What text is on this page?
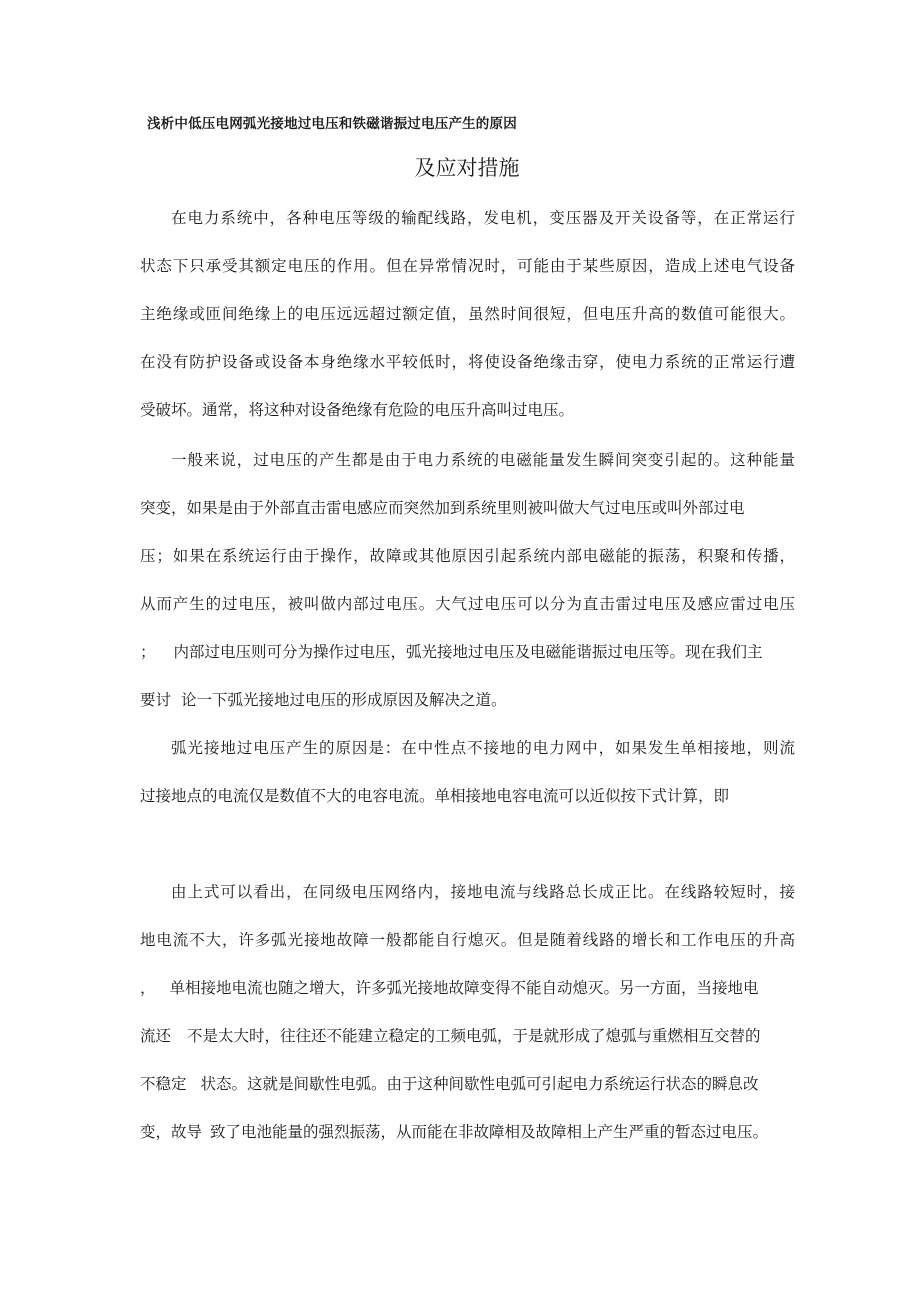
浅析中低压电网弧光接地过电压和铁磁谐振过电压产生的原因
及应对措施
在电力系统中，各种电压等级的输配线路，发电机，变压器及开关设备等，在正常运行
状态下只承受其额定电压的作用。但在异常情况时，可能由于某些原因，造成上述电气设备
主绝缘或匝间绝缘上的电压远远超过额定值，虽然时间很短，但电压升高的数值可能很大。
在没有防护设备或设备本身绝缘水平较低时，将使设备绝缘击穿，使电力系统的正常运行遭
受破坏。通常，将这种对设备绝缘有危险的电压升高叫过电压。
一般来说，过电压的产生都是由于电力系统的电磁能量发生瞬间突变引起的。这种能量
突变，如果是由于外部直击雷电感应而突然加到系统里则被叫做大气过电压或叫外部过电
压；如果在系统运行由于操作，故障或其他原因引起系统内部电磁能的振荡，积聚和传播，
从而产生的过电压，被叫做内部过电压。大气过电压可以分为直击雷过电压及感应雷过电压
； 内部过电压则可分为操作过电压，弧光接地过电压及电磁能谐振过电压等。现在我们主
要讨 论一下弧光接地过电压的形成原因及解决之道。
弧光接地过电压产生的原因是：在中性点不接地的电力网中，如果发生单相接地，则流
过接地点的电流仅是数值不大的电容电流。单相接地电容电流可以近似按下式计算，即
由上式可以看出，在同级电压网络内，接地电流与线路总长成正比。在线路较短时，接
地电流不大，许多弧光接地故障一般都能自行熄灭。但是随着线路的增长和工作电压的升高
， 单相接地电流也随之增大，许多弧光接地故障变得不能自动熄灭。另一方面，当接地电
流还 不是太大时，往往还不能建立稳定的工频电弧，于是就形成了熄弧与重燃相互交替的
不稳定 状态。这就是间歇性电弧。由于这种间歇性电弧可引起电力系统运行状态的瞬息改
变，故导 致了电池能量的强烈振荡，从而能在非故障相及故障相上产生严重的暂态过电压。
